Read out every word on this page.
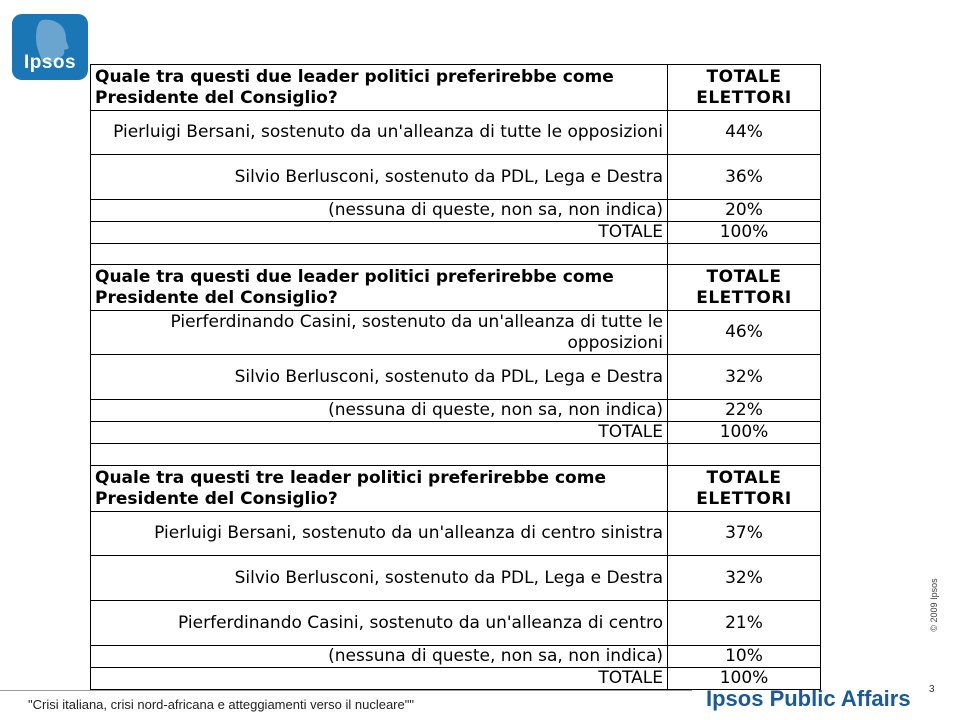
Ipsos
Quale tra questi due leader politici preferirebbe come Presidente del Consiglio?	TOTALE ELETTORI
Pierluigi Bersani, sostenuto da un'alleanza di tutte le opposizioni	44%
Silvio Berlusconi, sostenuto da PDL, Lega e Destra	36%
(nessuna di queste, non sa, non indica)	20%
TOTALE	100%

Quale tra questi due leader politici preferirebbe come Presidente del Consiglio?	TOTALE ELETTORI
Pierferdinando Casini, sostenuto da un'alleanza di tutte le opposizioni	46%
Silvio Berlusconi, sostenuto da PDL, Lega e Destra	32%
(nessuna di queste, non sa, non indica)	22%
TOTALE	100%

Quale tra questi tre leader politici preferirebbe come Presidente del Consiglio?	TOTALE ELETTORI
Pierluigi Bersani, sostenuto da un'alleanza di centro sinistra	37%
Silvio Berlusconi, sostenuto da PDL, Lega e Destra	32%
Pierferdinando Casini, sostenuto da un'alleanza di centro	21%
(nessuna di queste, non sa, non indica)	10%
TOTALE	100%
© 2009 Ipsos
3
"Crisi italiana, crisi nord-africana e atteggiamenti verso il nucleare""	Ipsos Public Affairs
